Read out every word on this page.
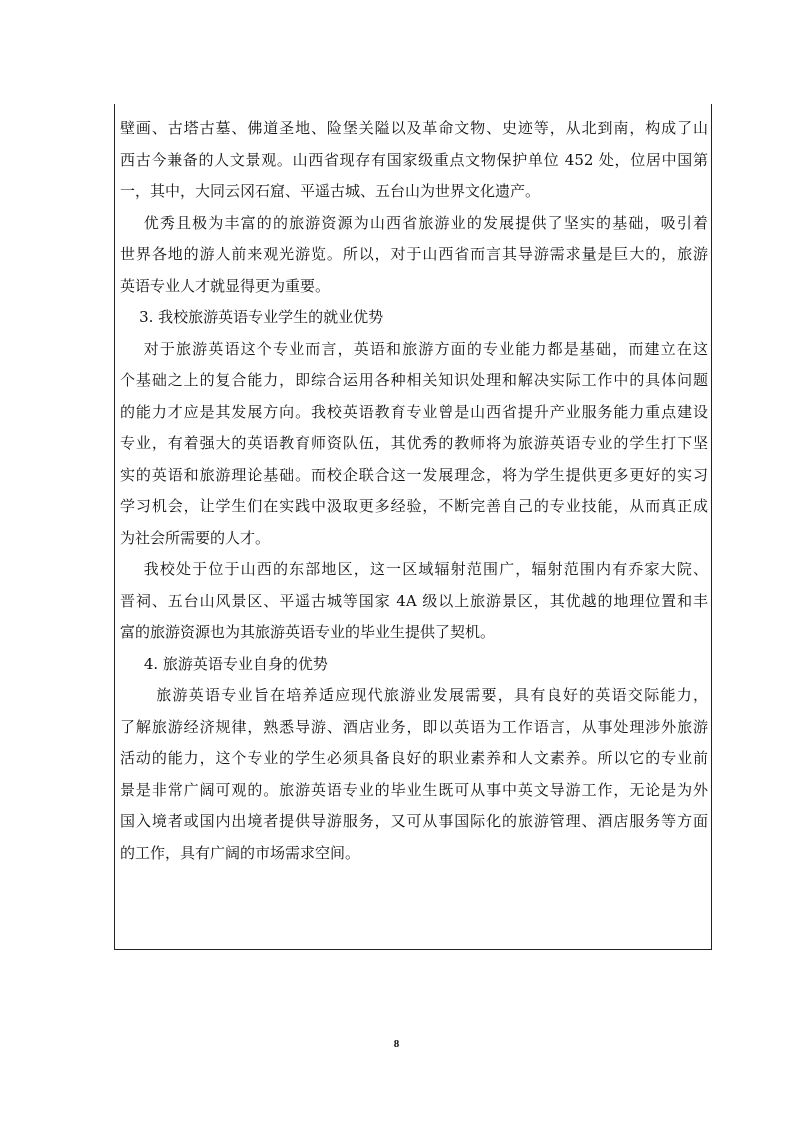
壁画、古塔古墓、佛道圣地、险堡关隘以及革命文物、史迹等，从北到南，构成了山
西古今兼备的人文景观。山西省现存有国家级重点文物保护单位 452 处，位居中国第
一，其中，大同云冈石窟、平遥古城、五台山为世界文化遗产。
优秀且极为丰富的的旅游资源为山西省旅游业的发展提供了坚实的基础，吸引着
世界各地的游人前来观光游览。所以，对于山西省而言其导游需求量是巨大的，旅游
英语专业人才就显得更为重要。
3. 我校旅游英语专业学生的就业优势
对于旅游英语这个专业而言，英语和旅游方面的专业能力都是基础，而建立在这
个基础之上的复合能力，即综合运用各种相关知识处理和解决实际工作中的具体问题
的能力才应是其发展方向。我校英语教育专业曾是山西省提升产业服务能力重点建设
专业，有着强大的英语教育师资队伍，其优秀的教师将为旅游英语专业的学生打下坚
实的英语和旅游理论基础。而校企联合这一发展理念，将为学生提供更多更好的实习
学习机会，让学生们在实践中汲取更多经验，不断完善自己的专业技能，从而真正成
为社会所需要的人才。
我校处于位于山西的东部地区，这一区域辐射范围广，辐射范围内有乔家大院、
晋祠、五台山风景区、平遥古城等国家 4A 级以上旅游景区，其优越的地理位置和丰
富的旅游资源也为其旅游英语专业的毕业生提供了契机。
4. 旅游英语专业自身的优势
旅游英语专业旨在培养适应现代旅游业发展需要，具有良好的英语交际能力，
了解旅游经济规律，熟悉导游、酒店业务，即以英语为工作语言，从事处理涉外旅游
活动的能力，这个专业的学生必须具备良好的职业素养和人文素养。所以它的专业前
景是非常广阔可观的。旅游英语专业的毕业生既可从事中英文导游工作，无论是为外
国入境者或国内出境者提供导游服务，又可从事国际化的旅游管理、酒店服务等方面
的工作，具有广阔的市场需求空间。
8
